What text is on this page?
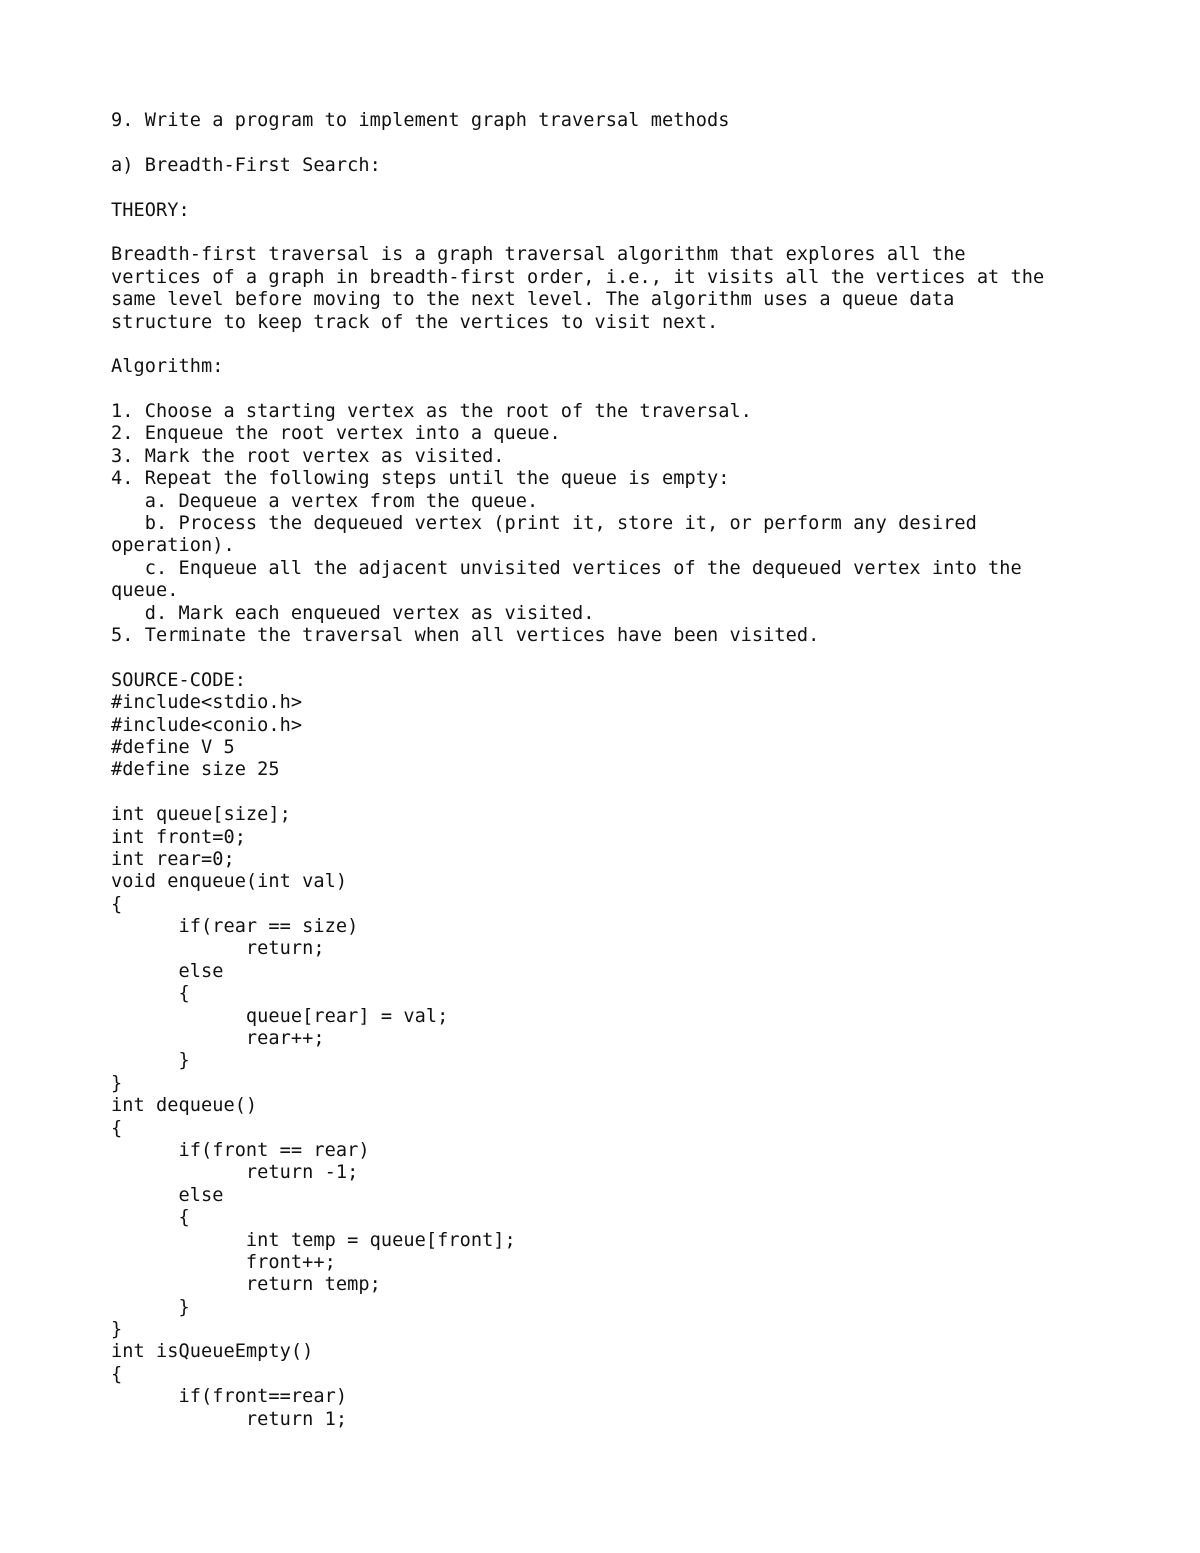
9. Write a program to implement graph traversal methods
a) Breadth-First Search:
THEORY:
Breadth-first traversal is a graph traversal algorithm that explores all the
vertices of a graph in breadth-first order, i.e., it visits all the vertices at the
same level before moving to the next level. The algorithm uses a queue data
structure to keep track of the vertices to visit next.
Algorithm:
1. Choose a starting vertex as the root of the traversal.
2. Enqueue the root vertex into a queue.
3. Mark the root vertex as visited.
4. Repeat the following steps until the queue is empty:
a. Dequeue a vertex from the queue.
b. Process the dequeued vertex (print it, store it, or perform any desired
operation).
c. Enqueue all the adjacent unvisited vertices of the dequeued vertex into the
queue.
d. Mark each enqueued vertex as visited.
5. Terminate the traversal when all vertices have been visited.
SOURCE-CODE:
#include<stdio.h>
#include<conio.h>
#define V 5
#define size 25
int queue[size];
int front=0;
int rear=0;
void enqueue(int val)
{
if(rear == size)
return;
else
{
queue[rear] = val;
rear++;
}
}
int dequeue()
{
if(front == rear)
return -1;
else
{
int temp = queue[front];
front++;
return temp;
}
}
int isQueueEmpty()
{
if(front==rear)
return 1;
